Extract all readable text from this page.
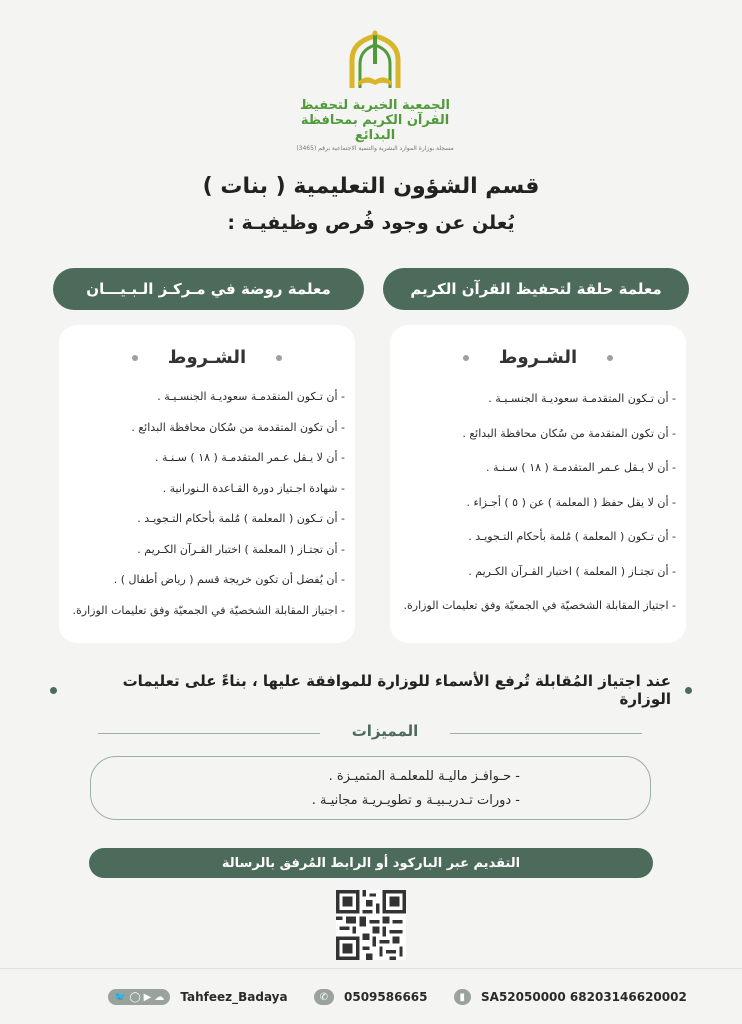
الجمعية الخيرية لتحفيظ
القرآن الكريم بمحافظة البدائع
مسجلة بوزارة الموارد البشرية والتنمية الاجتماعية برقم (3465)
قسم الشؤون التعليمية ( بنات )
يُعلن عن وجود فُرص وظيفيـة :
معلمة حلقة لتحفيظ القرآن الكريم
معلمة روضة في مـركـز الـبـيـــان
الشـروط
- أن تـكون المتقدمـة سعوديـة الجنسـيـة .
- أن تكون المتقدمة من سُكان محافظة البدائع .
- أن لا يـقل عـمر المتقدمـة ( ١٨ ) سـنـة .
- أن لا يقل حفظ ( المعلمة ) عن ( ٥ ) أجـزاء .
- أن تـكون ( المعلمة ) مُلمة بأحكام التـجويـد .
- أن تجتـاز ( المعلمة ) اختبار القـرآن الكـريم .
- اجتياز المقابلة الشخصيّة في الجمعيّة وفق تعليمات الوزارة.
الشـروط
- أن تـكون المتقدمـة سعوديـة الجنسـيـة .
- أن تكون المتقدمة من سُكان محافظة البدائع .
- أن لا يـقل عـمر المتقدمـة ( ١٨ ) سـنـة .
- شهادة اجـتياز دورة القـاعدة الـنورانية .
- أن تـكون ( المعلمة ) مُلمة بأحكام التـجويـد .
- أن تجتـاز ( المعلمة ) اختبار القـرآن الكـريم .
- أن يُفضل أن تكون خريجة قسم ( رياض أطفال ) .
- اجتياز المقابلة الشخصيّة في الجمعيّة وفق تعليمات الوزارة.
عند اجتياز المُقابلة تُرفع الأسماء للوزارة للموافقة عليها ، بناءً على تعليمات الوزارة
المميزات
- حـوافـز ماليـة للمعلمـة المتميـزة .
- دورات تـدريـبيـة و تطويـريـة مجانيـة .
التقديم عبر الباركود أو الرابط المُرفق بالرسالة
🐦 ◯ ▶ ☁ Tahfeez_Badaya	✆	0509586665	▮	SA52050000 68203146620002
